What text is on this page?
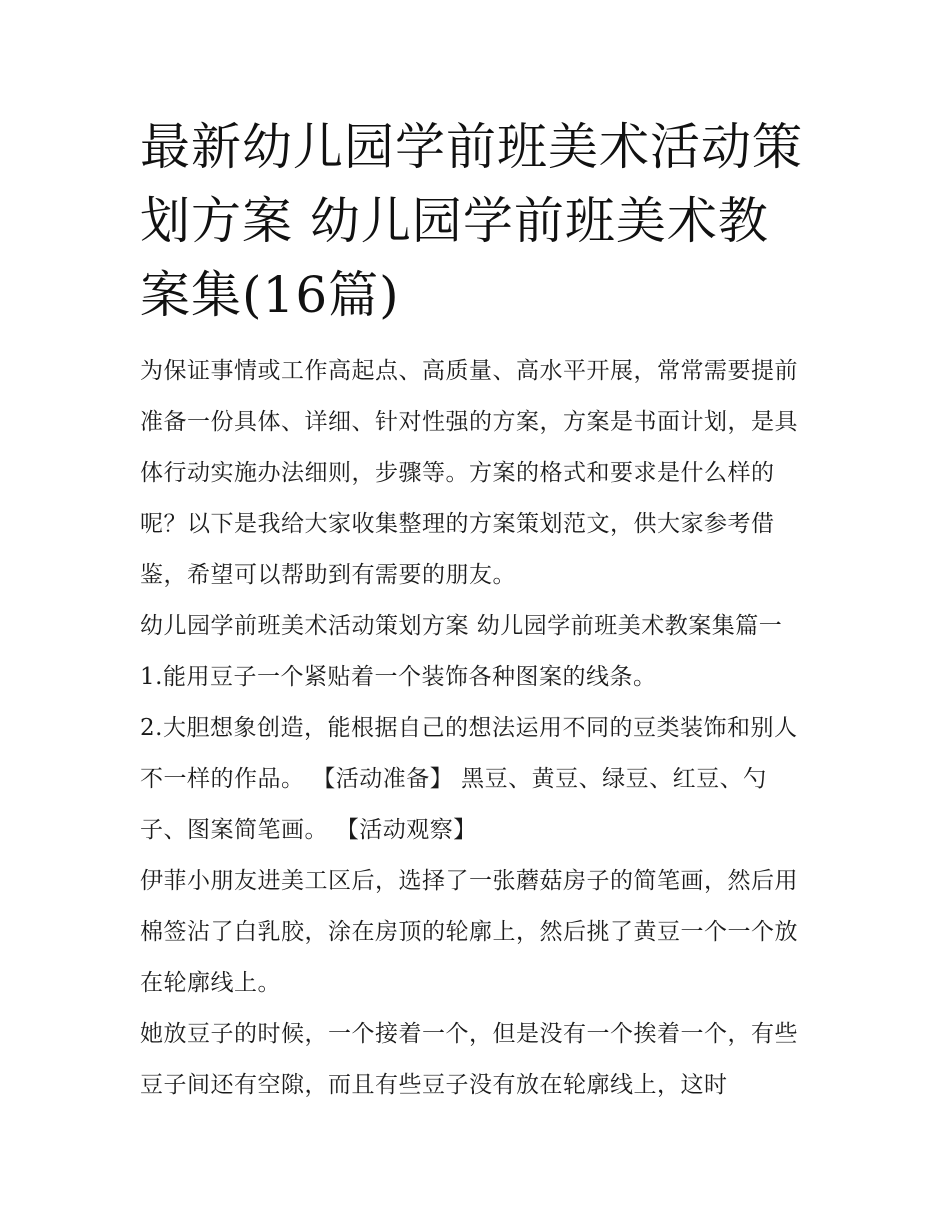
最新幼儿园学前班美术活动策划方案 幼儿园学前班美术教案集(16篇)

为保证事情或工作高起点、高质量、高水平开展，常常需要提前准备一份具体、详细、针对性强的方案，方案是书面计划，是具体行动实施办法细则，步骤等。方案的格式和要求是什么样的呢？以下是我给大家收集整理的方案策划范文，供大家参考借鉴，希望可以帮助到有需要的朋友。

幼儿园学前班美术活动策划方案 幼儿园学前班美术教案集篇一 1.能用豆子一个紧贴着一个装饰各种图案的线条。

2.大胆想象创造，能根据自己的想法运用不同的豆类装饰和别人不一样的作品。 【活动准备】 黑豆、黄豆、绿豆、红豆、勺子、图案简笔画。 【活动观察】

伊菲小朋友进美工区后，选择了一张蘑菇房子的简笔画，然后用棉签沾了白乳胶，涂在房顶的轮廓上，然后挑了黄豆一个一个放在轮廓线上。

她放豆子的时候，一个接着一个，但是没有一个挨着一个，有些豆子间还有空隙，而且有些豆子没有放在轮廓线上，这时
